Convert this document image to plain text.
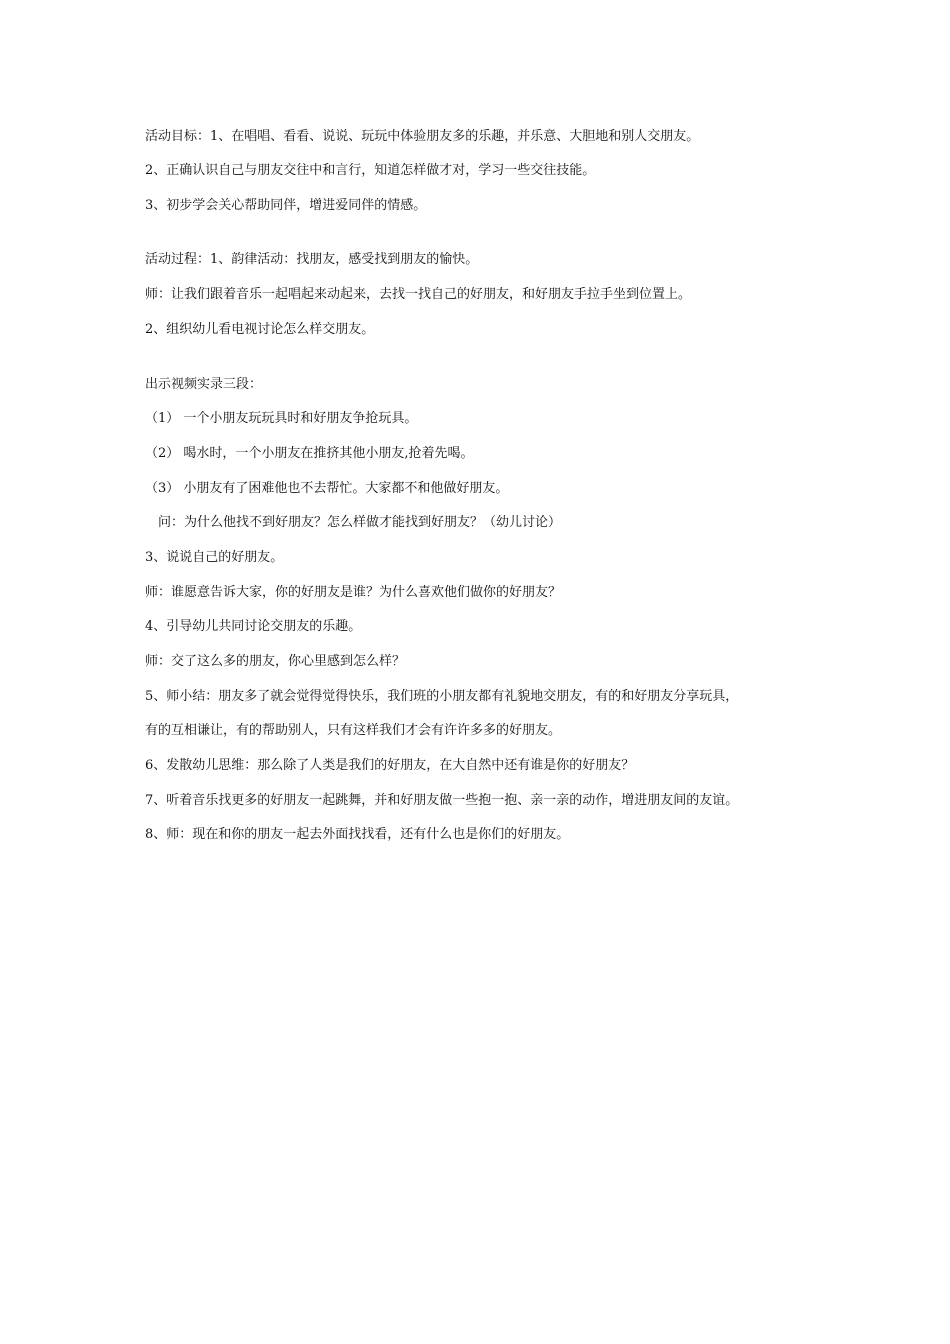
活动目标：1、在唱唱、看看、说说、玩玩中体验朋友多的乐趣，并乐意、大胆地和别人交朋友。
2、正确认识自己与朋友交往中和言行，知道怎样做才对，学习一些交往技能。
3、初步学会关心帮助同伴，增进爱同伴的情感。
活动过程：1、韵律活动：找朋友，感受找到朋友的愉快。
师：让我们跟着音乐一起唱起来动起来，去找一找自己的好朋友，和好朋友手拉手坐到位置上。
2、组织幼儿看电视讨论怎么样交朋友。
出示视频实录三段：
（1） 一个小朋友玩玩具时和好朋友争抢玩具。
（2） 喝水时，一个小朋友在推挤其他小朋友,抢着先喝。
（3） 小朋友有了困难他也不去帮忙。大家都不和他做好朋友。
问：为什么他找不到好朋友？怎么样做才能找到好朋友？（幼儿讨论）
3、说说自己的好朋友。
师：谁愿意告诉大家，你的好朋友是谁？为什么喜欢他们做你的好朋友？
4、引导幼儿共同讨论交朋友的乐趣。
师：交了这么多的朋友，你心里感到怎么样？
5、师小结：朋友多了就会觉得觉得快乐，我们班的小朋友都有礼貌地交朋友，有的和好朋友分享玩具，
有的互相谦让，有的帮助别人，只有这样我们才会有许许多多的好朋友。
6、发散幼儿思维：那么除了人类是我们的好朋友，在大自然中还有谁是你的好朋友？
7、听着音乐找更多的好朋友一起跳舞，并和好朋友做一些抱一抱、亲一亲的动作，增进朋友间的友谊。
8、师：现在和你的朋友一起去外面找找看，还有什么也是你们的好朋友。
